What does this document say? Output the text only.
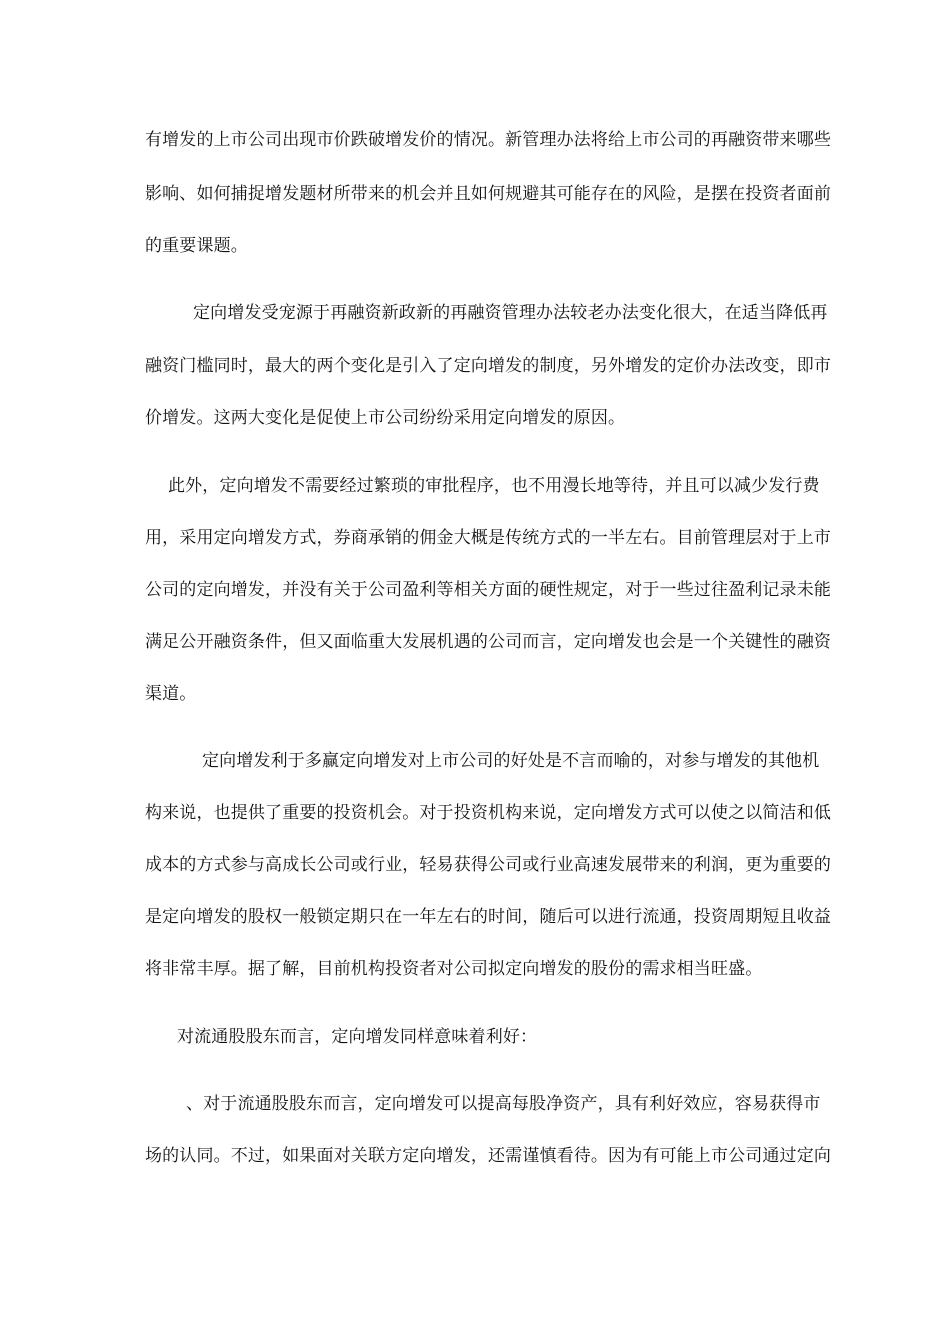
有增发的上市公司出现市价跌破增发价的情况。新管理办法将给上市公司的再融资带来哪些
影响、如何捕捉增发题材所带来的机会并且如何规避其可能存在的风险，是摆在投资者面前
的重要课题。
定向增发受宠源于再融资新政新的再融资管理办法较老办法变化很大，在适当降低再
融资门槛同时，最大的两个变化是引入了定向增发的制度，另外增发的定价办法改变，即市
价增发。这两大变化是促使上市公司纷纷采用定向增发的原因。
此外，定向增发不需要经过繁琐的审批程序，也不用漫长地等待，并且可以减少发行费
用，采用定向增发方式，券商承销的佣金大概是传统方式的一半左右。目前管理层对于上市
公司的定向增发，并没有关于公司盈利等相关方面的硬性规定，对于一些过往盈利记录未能
满足公开融资条件，但又面临重大发展机遇的公司而言，定向增发也会是一个关键性的融资
渠道。
定向增发利于多赢定向增发对上市公司的好处是不言而喻的，对参与增发的其他机
构来说，也提供了重要的投资机会。对于投资机构来说，定向增发方式可以使之以简洁和低
成本的方式参与高成长公司或行业，轻易获得公司或行业高速发展带来的利润，更为重要的
是定向增发的股权一般锁定期只在一年左右的时间，随后可以进行流通，投资周期短且收益
将非常丰厚。据了解，目前机构投资者对公司拟定向增发的股份的需求相当旺盛。
对流通股股东而言，定向增发同样意味着利好：
、对于流通股股东而言，定向增发可以提高每股净资产，具有利好效应，容易获得市
场的认同。不过，如果面对关联方定向增发，还需谨慎看待。因为有可能上市公司通过定向
